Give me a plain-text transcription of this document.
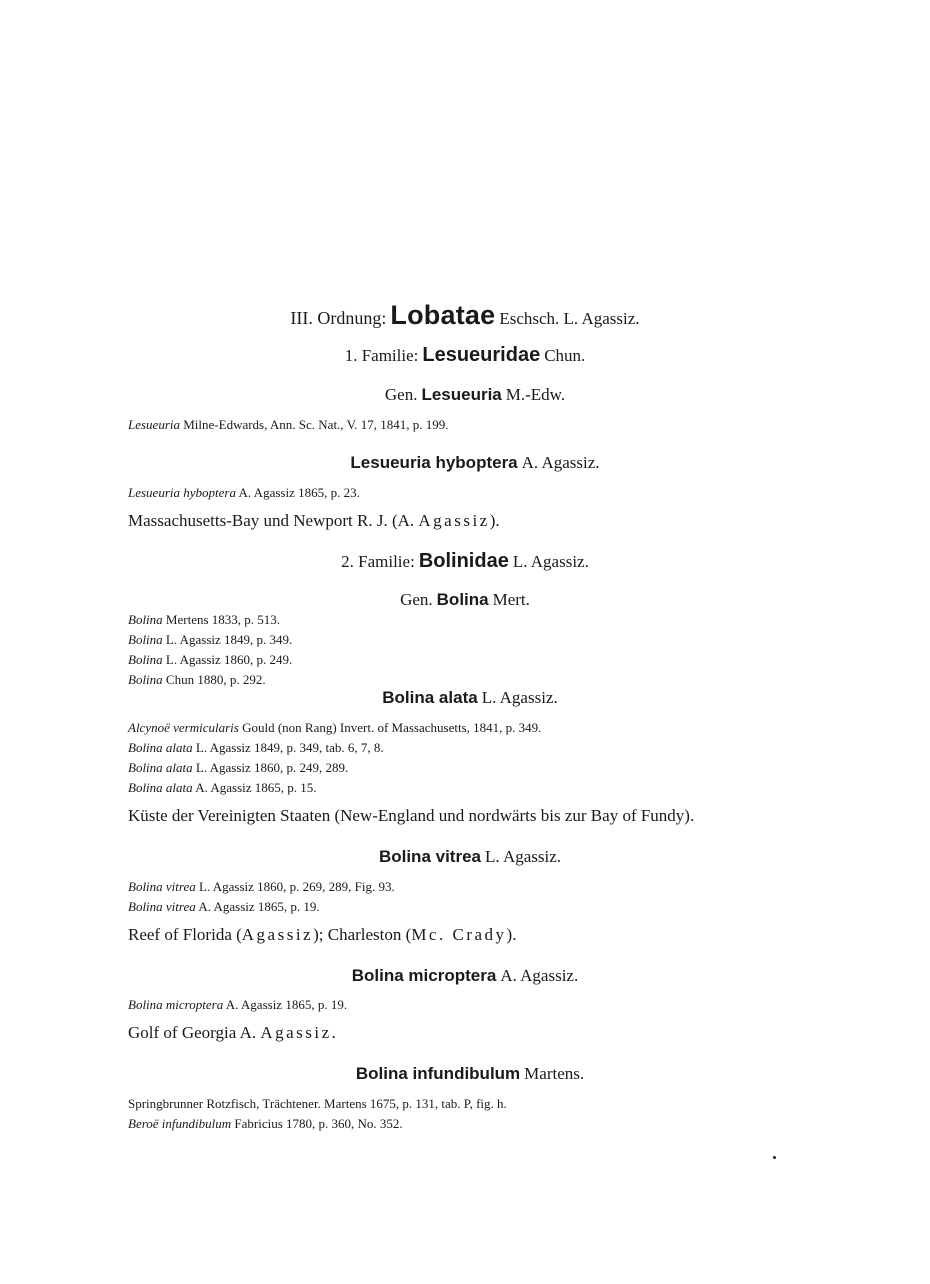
III. Ordnung: Lobatae Eschsch. L. Agassiz.
1. Familie: Lesueuridae Chun.
Gen. Lesueuria M.-Edw.
Lesueuria Milne-Edwards, Ann. Sc. Nat., V. 17, 1841, p. 199.
Lesueuria hyboptera A. Agassiz.
Lesueuria hyboptera A. Agassiz 1865, p. 23.
Massachusetts-Bay und Newport R. J. (A. Agassiz).
2. Familie: Bolinidae L. Agassiz.
Gen. Bolina Mert.
Bolina Mertens 1833, p. 513.
Bolina L. Agassiz 1849, p. 349.
Bolina L. Agassiz 1860, p. 249.
Bolina Chun 1880, p. 292.
Bolina alata L. Agassiz.
Alcynoë vermicularis Gould (non Rang) Invert. of Massachusetts, 1841, p. 349.
Bolina alata L. Agassiz 1849, p. 349, tab. 6, 7, 8.
Bolina alata L. Agassiz 1860, p. 249, 289.
Bolina alata A. Agassiz 1865, p. 15.
Küste der Vereinigten Staaten (New-England und nordwärts bis zur Bay of Fundy).
Bolina vitrea L. Agassiz.
Bolina vitrea L. Agassiz 1860, p. 269, 289, Fig. 93.
Bolina vitrea A. Agassiz 1865, p. 19.
Reef of Florida (Agassiz); Charleston (Mc. Crady).
Bolina microptera A. Agassiz.
Bolina microptera A. Agassiz 1865, p. 19.
Golf of Georgia A. Agassiz.
Bolina infundibulum Martens.
Springbrunner Rotzfisch, Trächtener. Martens 1675, p. 131, tab. P, fig. h.
Beroë infundibulum Fabricius 1780, p. 360, No. 352.
